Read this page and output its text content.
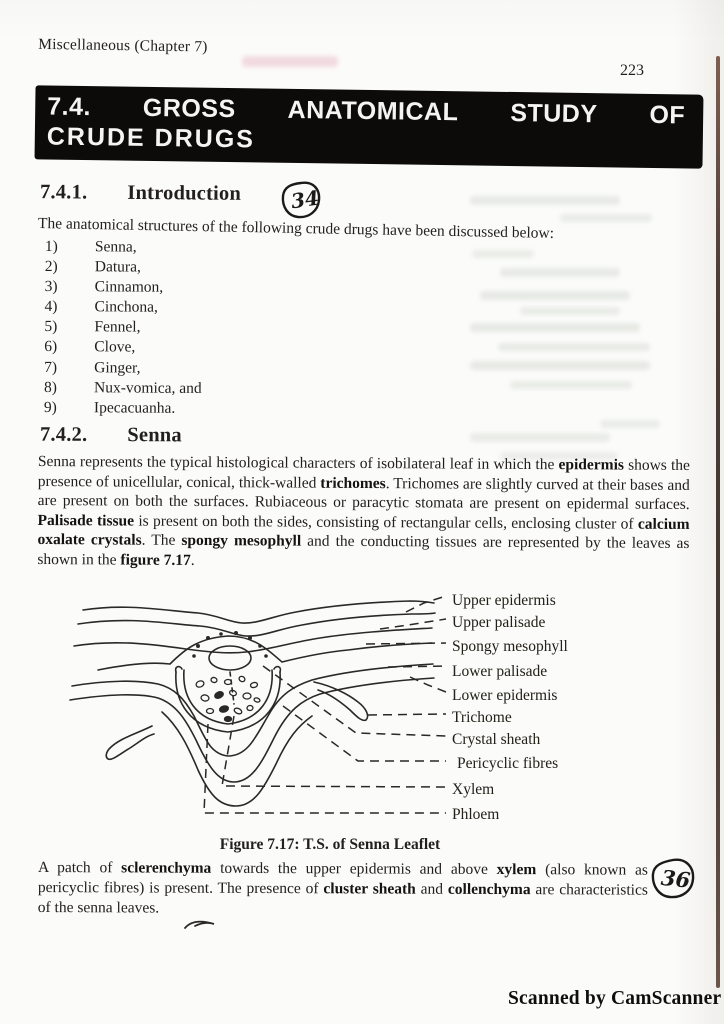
Miscellaneous (Chapter 7)
223
7.4. GROSS ANATOMICAL STUDY OF
CRUDE DRUGS
7.4.1. Introduction 34
The anatomical structures of the following crude drugs have been discussed below:
1) Senna,
2) Datura,
3) Cinnamon,
4) Cinchona,
5) Fennel,
6) Clove,
7) Ginger,
8) Nux-vomica, and
9) Ipecacuanha.
7.4.2. Senna
Senna represents the typical histological characters of isobilateral leaf in which the epidermis shows the presence of unicellular, conical, thick-walled trichomes. Trichomes are slightly curved at their bases and are present on both the surfaces. Rubiaceous or paracytic stomata are present on epidermal surfaces. Palisade tissue is present on both the sides, consisting of rectangular cells, enclosing cluster of calcium oxalate crystals. The spongy mesophyll and the conducting tissues are represented by the leaves as shown in the figure 7.17.
Upper epidermis
Upper palisade
Spongy mesophyll
Lower palisade
Lower epidermis
Trichome
Crystal sheath
Pericyclic fibres
Xylem
Phloem
Figure 7.17: T.S. of Senna Leaflet
A patch of sclerenchyma towards the upper epidermis and above xylem (also known as pericyclic fibres) is present. The presence of cluster sheath and collenchyma are characteristics of the senna leaves.
36
Scanned by CamScanner
